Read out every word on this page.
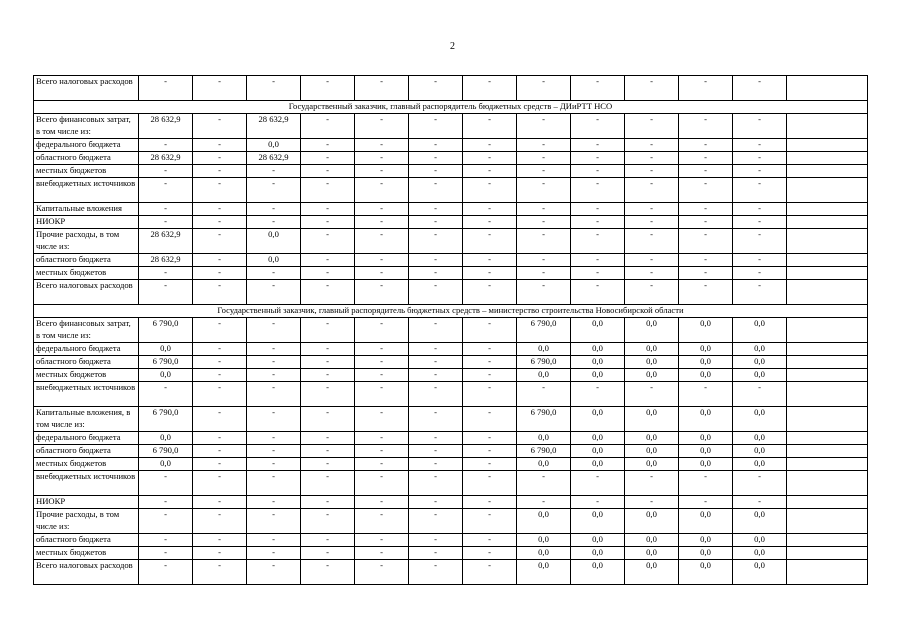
2
Всего налоговых расходов	-	-	-	-	-	-	-	-	-	-	-	-	
Государственный заказчик, главный распорядитель бюджетных средств – ДИиРТТ НСО													
Всего финансовых затрат, в том числе из:	28 632,9	-	28 632,9	-	-	-	-	-	-	-	-	-	
федерального бюджета	-	-	0,0	-	-	-	-	-	-	-	-	-	
областного бюджета	28 632,9	-	28 632,9	-	-	-	-	-	-	-	-	-	
местных бюджетов	-	-	-	-	-	-	-	-	-	-	-	-	
внебюджетных источников	-	-	-	-	-	-	-	-	-	-	-	-	
Капитальные вложения	-	-	-	-	-	-	-	-	-	-	-	-	
НИОКР	-	-	-	-	-	-	-	-	-	-	-	-	
Прочие расходы, в том числе из:	28 632,9	-	0,0	-	-	-	-	-	-	-	-	-	
областного бюджета	28 632,9	-	0,0	-	-	-	-	-	-	-	-	-	
местных бюджетов	-	-	-	-	-	-	-	-	-	-	-	-	
Всего налоговых расходов	-	-	-	-	-	-	-	-	-	-	-	-	
Государственный заказчик, главный распорядитель бюджетных средств – министерство строительства Новосибирской области													
Всего финансовых затрат, в том числе из:	6 790,0	-	-	-	-	-	-	6 790,0	0,0	0,0	0,0	0,0	
федерального бюджета	0,0	-	-	-	-	-	-	0,0	0,0	0,0	0,0	0,0	
областного бюджета	6 790,0	-	-	-	-	-	-	6 790,0	0,0	0,0	0,0	0,0	
местных бюджетов	0,0	-	-	-	-	-	-	0,0	0,0	0,0	0,0	0,0	
внебюджетных источников	-	-	-	-	-	-	-	-	-	-	-	-	
Капитальные вложения, в том числе из:	6 790,0	-	-	-	-	-	-	6 790,0	0,0	0,0	0,0	0,0	
федерального бюджета	0,0	-	-	-	-	-	-	0,0	0,0	0,0	0,0	0,0	
областного бюджета	6 790,0	-	-	-	-	-	-	6 790,0	0,0	0,0	0,0	0,0	
местных бюджетов	0,0	-	-	-	-	-	-	0,0	0,0	0,0	0,0	0,0	
внебюджетных источников	-	-	-	-	-	-	-	-	-	-	-	-	
НИОКР	-	-	-	-	-	-	-	-	-	-	-	-	
Прочие расходы, в том числе из:	-	-	-	-	-	-	-	0,0	0,0	0,0	0,0	0,0	
областного бюджета	-	-	-	-	-	-	-	0,0	0,0	0,0	0,0	0,0	
местных бюджетов	-	-	-	-	-	-	-	0,0	0,0	0,0	0,0	0,0	
Всего налоговых расходов	-	-	-	-	-	-	-	0,0	0,0	0,0	0,0	0,0	
